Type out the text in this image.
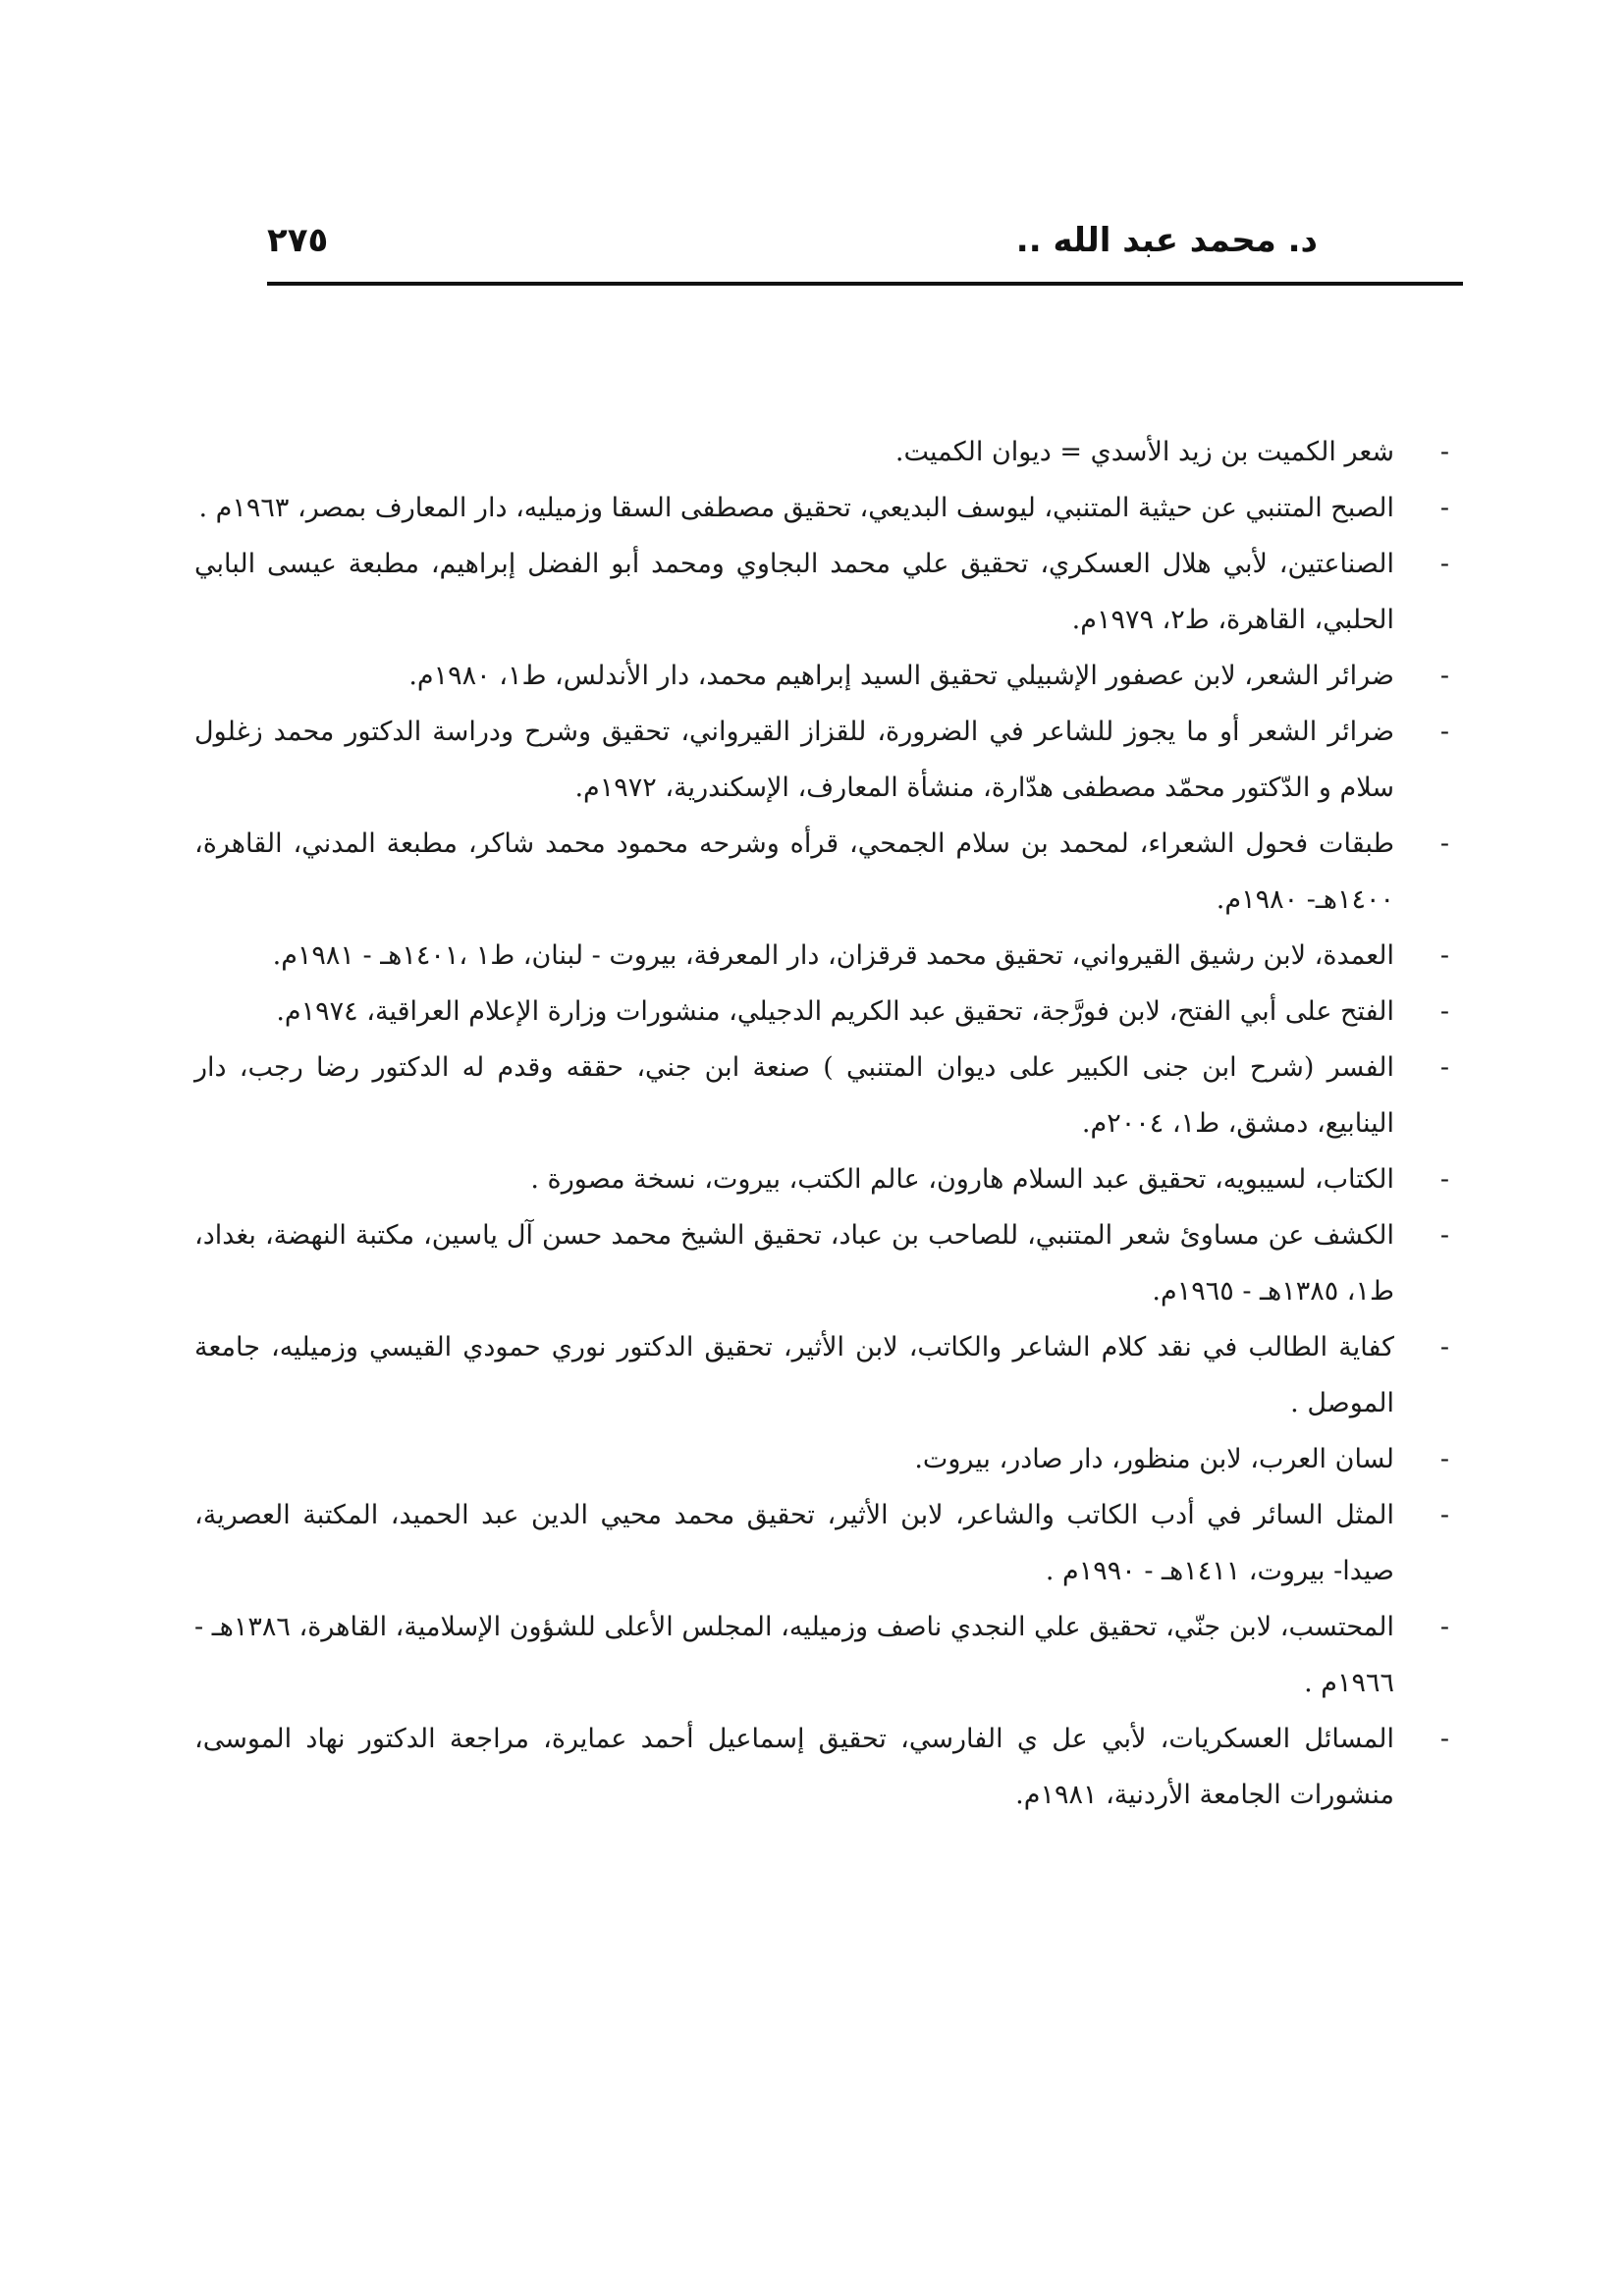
د. محمد عبد الله ..
٢٧٥
-
شعر الكميت بن زيد الأسدي = ديوان الكميت.
-
الصبح المتنبي عن حيثية المتنبي، ليوسف البديعي، تحقيق مصطفى السقا وزميليه، دار المعارف بمصر، ١٩٦٣م .
-
الصناعتين، لأبي هلال العسكري، تحقيق علي محمد البجاوي ومحمد أبو الفضل إبراهيم، مطبعة عيسى البابي الحلبي، القاهرة، ط٢، ١٩٧٩م.
-
ضرائر الشعر، لابن عصفور الإشبيلي تحقيق السيد إبراهيم محمد، دار الأندلس، ط١، ١٩٨٠م.
-
ضرائر الشعر أو ما يجوز للشاعر في الضرورة، للقزاز القيرواني، تحقيق وشرح ودراسة الدكتور محمد زغلول سلام و الدّكتور محمّد مصطفى هدّارة، منشأة المعارف، الإسكندرية، ١٩٧٢م.
-
طبقات فحول الشعراء، لمحمد بن سلام الجمحي، قرأه وشرحه محمود محمد شاكر، مطبعة المدني، القاهرة، ١٤٠٠هـ- ١٩٨٠م.
-
العمدة، لابن رشيق القيرواني، تحقيق محمد قرقزان، دار المعرفة، بيروت - لبنان، ط١ ،١٤٠١هـ - ١٩٨١م.
-
الفتح على أبي الفتح، لابن فورَّجة، تحقيق عبد الكريم الدجيلي، منشورات وزارة الإعلام العراقية، ١٩٧٤م.
-
الفسر (شرح ابن جنى الكبير على ديوان المتنبي ) صنعة ابن جني، حققه وقدم له الدكتور رضا رجب، دار الينابيع، دمشق، ط١، ٢٠٠٤م.
-
الكتاب، لسيبويه، تحقيق عبد السلام هارون، عالم الكتب، بيروت، نسخة مصورة .
-
الكشف عن مساوئ شعر المتنبي، للصاحب بن عباد، تحقيق الشيخ محمد حسن آل ياسين، مكتبة النهضة، بغداد، ط١، ١٣٨٥هـ - ١٩٦٥م.
-
كفاية الطالب في نقد كلام الشاعر والكاتب، لابن الأثير، تحقيق الدكتور نوري حمودي القيسي وزميليه، جامعة الموصل .
-
لسان العرب، لابن منظور، دار صادر، بيروت.
-
المثل السائر في أدب الكاتب والشاعر، لابن الأثير، تحقيق محمد محيي الدين عبد الحميد، المكتبة العصرية، صيدا- بيروت، ١٤١١هـ - ١٩٩٠م .
-
المحتسب، لابن جنّي، تحقيق علي النجدي ناصف وزميليه، المجلس الأعلى للشؤون الإسلامية، القاهرة، ١٣٨٦هـ - ١٩٦٦م .
-
المسائل العسكريات، لأبي عل ي الفارسي، تحقيق إسماعيل أحمد عمايرة، مراجعة الدكتور نهاد الموسى، منشورات الجامعة الأردنية، ١٩٨١م.
